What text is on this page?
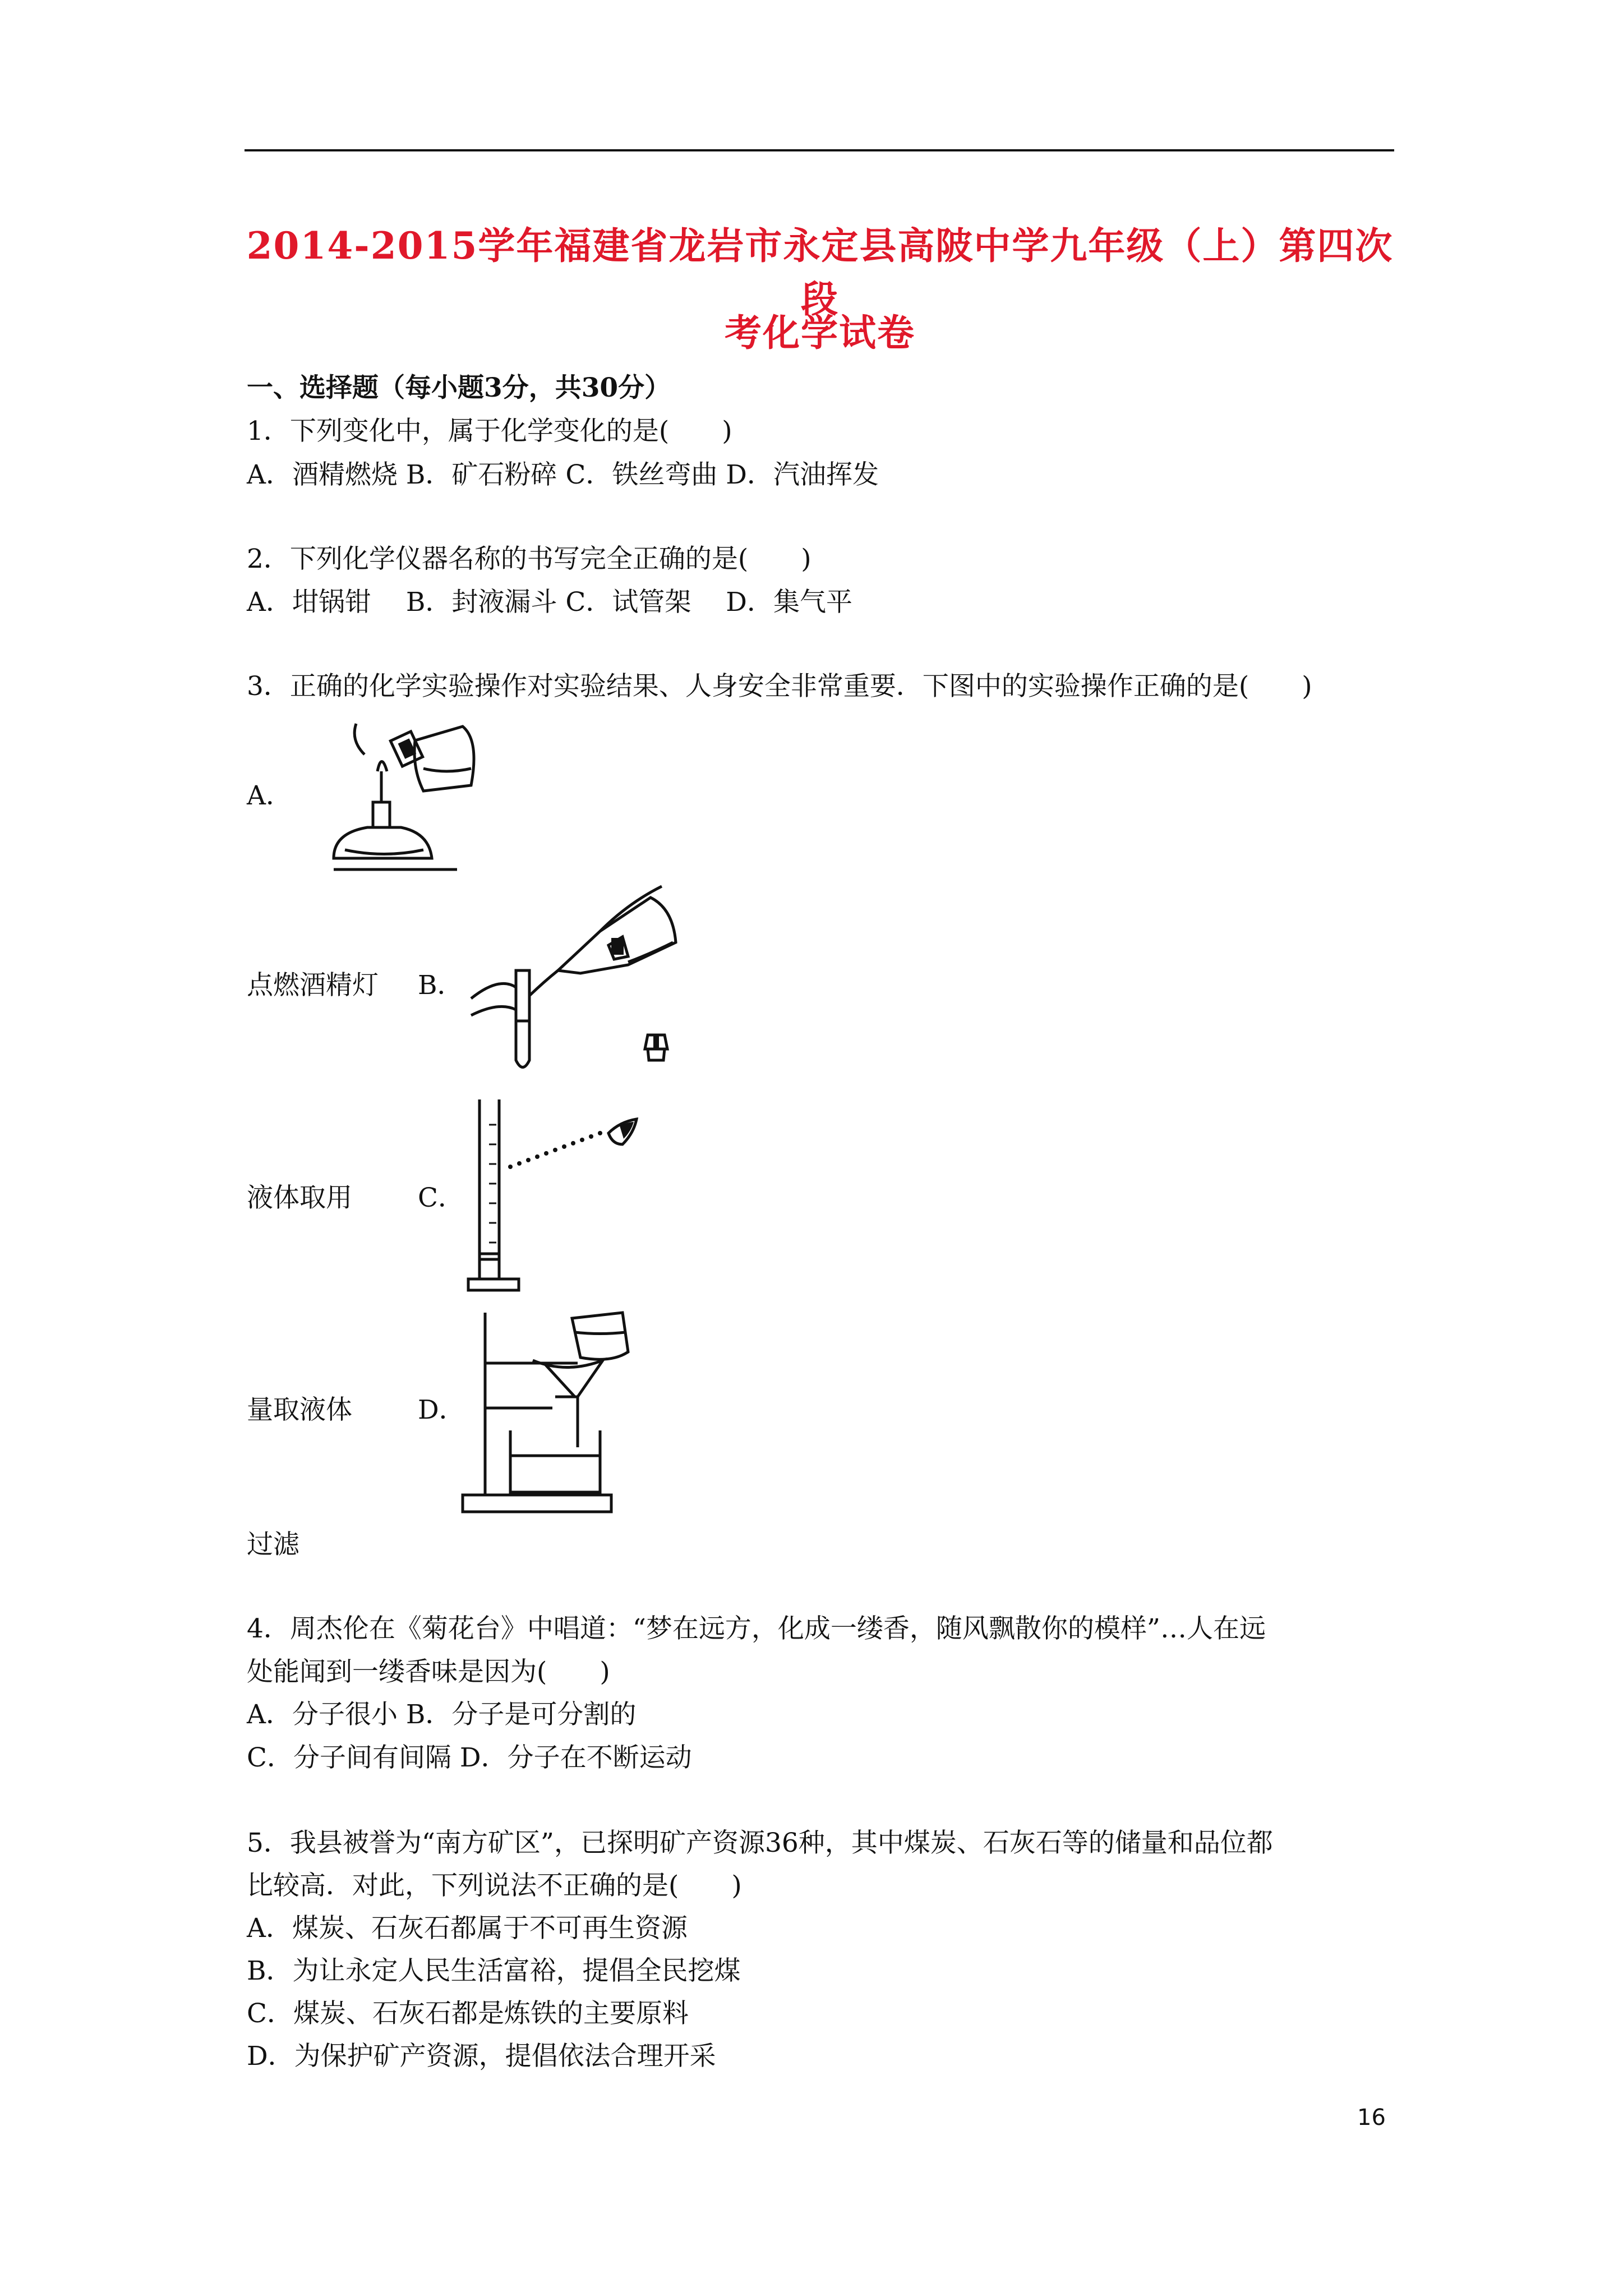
2014-2015学年福建省龙岩市永定县高陂中学九年级（上）第四次段
考化学试卷
一、选择题（每小题3分，共30分）
1．下列变化中，属于化学变化的是(　　)
A．酒精燃烧 B．矿石粉碎 C．铁丝弯曲 D．汽油挥发
2．下列化学仪器名称的书写完全正确的是(　　)
A．坩锅钳　 B．封液漏斗 C．试管架　 D．集气平
3．正确的化学实验操作对实验结果、人身安全非常重要．下图中的实验操作正确的是(　　)
A．
点燃酒精灯 B．
液体取用 C．
量取液体 D．
过滤
4．周杰伦在《菊花台》中唱道：“梦在远方，化成一缕香，随风飘散你的模样”…人在远
处能闻到一缕香味是因为(　　)
A．分子很小 B．分子是可分割的
C．分子间有间隔 D．分子在不断运动
5．我县被誉为“南方矿区”，已探明矿产资源36种，其中煤炭、石灰石等的储量和品位都
比较高．对此，下列说法不正确的是(　　)
A．煤炭、石灰石都属于不可再生资源
B．为让永定人民生活富裕，提倡全民挖煤
C．煤炭、石灰石都是炼铁的主要原料
D．为保护矿产资源，提倡依法合理开采
16
